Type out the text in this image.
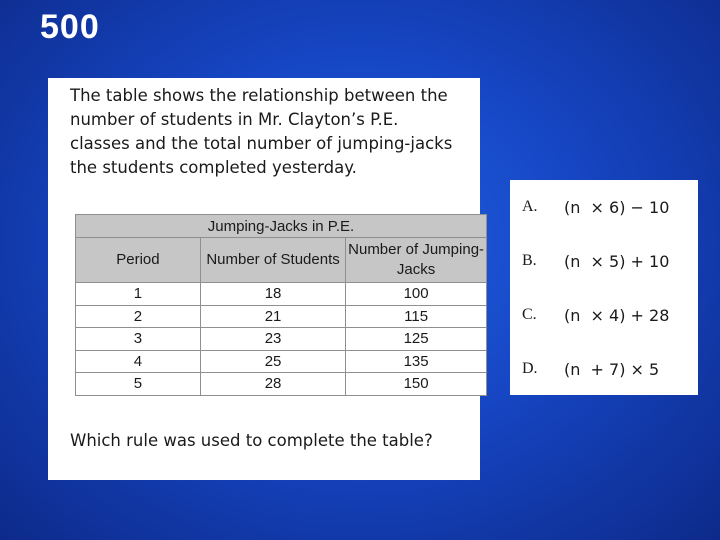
500
The table shows the relationship between the number of students in Mr. Clayton’s P.E. classes and the total number of jumping-jacks the students completed yesterday.
Jumping-Jacks in P.E.		
Period	Number of Students	Number of Jumping-Jacks
1	18	100
2	21	115
3	23	125
4	25	135
5	28	150
Which rule was used to complete the table?
A.	(n  × 6) − 10
B.	(n  × 5) + 10
C.	(n  × 4) + 28
D.	(n  + 7) × 5
